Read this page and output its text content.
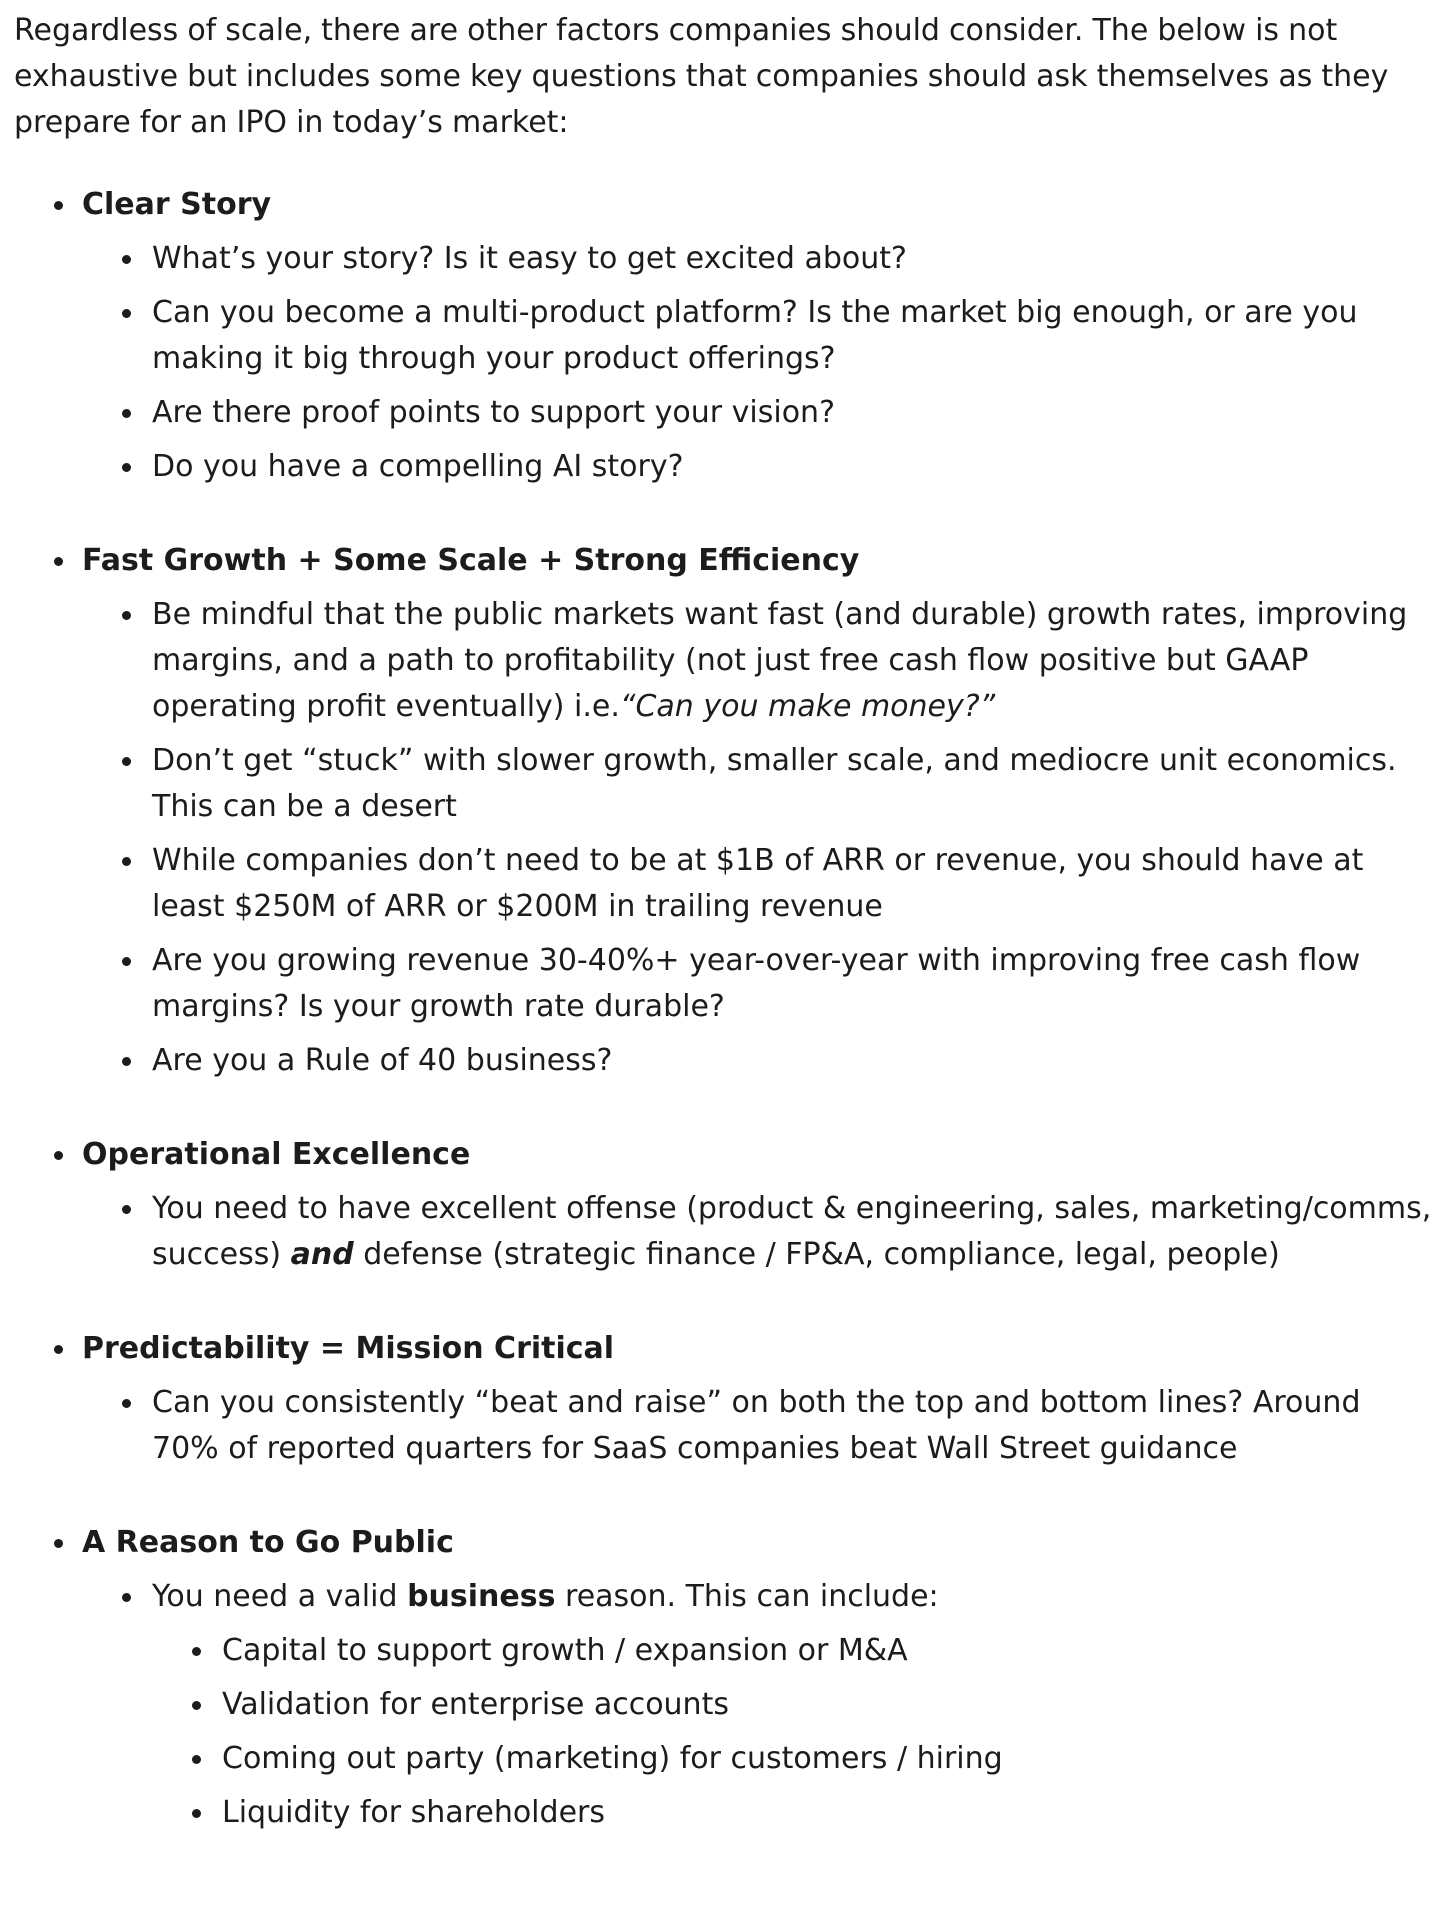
Regardless of scale, there are other factors companies should consider. The below is not exhaustive but includes some key questions that companies should ask themselves as they prepare for an IPO in today’s market:

Clear Story
What’s your story? Is it easy to get excited about?
Can you become a multi-product platform? Is the market big enough, or are you making it big through your product offerings?
Are there proof points to support your vision?
Do you have a compelling AI story?
Fast Growth + Some Scale + Strong Efficiency
Be mindful that the public markets want fast (and durable) growth rates, improving margins, and a path to profitability (not just free cash flow positive but GAAP operating profit eventually) i.e.“Can you make money?”
Don’t get “stuck” with slower growth, smaller scale, and mediocre unit economics. This can be a desert
While companies don’t need to be at $1B of ARR or revenue, you should have at least $250M of ARR or $200M in trailing revenue
Are you growing revenue 30-40%+ year-over-year with improving free cash flow margins? Is your growth rate durable?
Are you a Rule of 40 business?
Operational Excellence
You need to have excellent offense (product & engineering, sales, marketing/comms, success) and defense (strategic finance / FP&A, compliance, legal, people)
Predictability = Mission Critical
Can you consistently “beat and raise” on both the top and bottom lines? Around 70% of reported quarters for SaaS companies beat Wall Street guidance
A Reason to Go Public
You need a valid business reason. This can include:
Capital to support growth / expansion or M&A
Validation for enterprise accounts
Coming out party (marketing) for customers / hiring
Liquidity for shareholders
